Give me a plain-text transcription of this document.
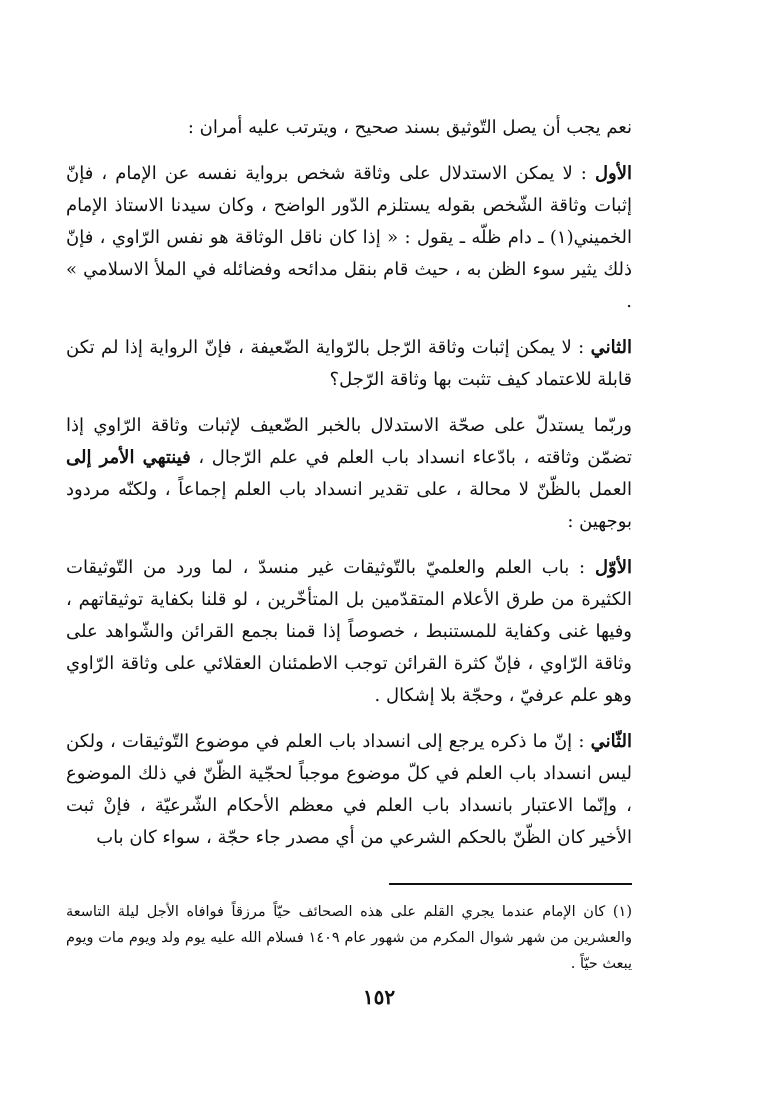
نعم يجب أن يصل التّوثيق بسند صحيح ، ويترتب عليه أمران :

الأول : لا يمكن الاستدلال على وثاقة شخص برواية نفسه عن الإمام ، فإنّ إثبات وثاقة الشّخص بقوله يستلزم الدّور الواضح ، وكان سيدنا الاستاذ الإمام الخميني(١) ـ دام ظلّه ـ يقول : « إذا كان ناقل الوثاقة هو نفس الرّاوي ، فإنّ ذلك يثير سوء الظن به ، حيث قام بنقل مدائحه وفضائله في الملأ الاسلامي » .

الثاني : لا يمكن إثبات وثاقة الرّجل بالرّواية الضّعيفة ، فإنّ الرواية إذا لم تكن قابلة للاعتماد كيف تثبت بها وثاقة الرّجل؟

وربّما يستدلّ على صحّة الاستدلال بالخبر الضّعيف لإثبات وثاقة الرّاوي إذا تضمّن وثاقته ، بادّعاء انسداد باب العلم في علم الرّجال ، فينتهي الأمر إلى العمل بالظّنّ لا محالة ، على تقدير انسداد باب العلم إجماعاً ، ولكنّه مردود بوجهين :

الأوّل : باب العلم والعلميّ بالتّوثيقات غير منسدّ ، لما ورد من التّوثيقات الكثيرة من طرق الأعلام المتقدّمين بل المتأخّرين ، لو قلنا بكفاية توثيقاتهم ، وفيها غنى وكفاية للمستنبط ، خصوصاً إذا قمنا بجمع القرائن والشّواهد على وثاقة الرّاوي ، فإنّ كثرة القرائن توجب الاطمئنان العقلائي على وثاقة الرّاوي وهو علم عرفيّ ، وحجّة بلا إشكال .

الثّاني : إنّ ما ذكره يرجع إلى انسداد باب العلم في موضوع التّوثيقات ، ولكن ليس انسداد باب العلم في كلّ موضوع موجباً لحجّية الظّنّ في ذلك الموضوع ، وإنّما الاعتبار بانسداد باب العلم في معظم الأحكام الشّرعيّة ، فإنْ ثبت الأخير كان الظّنّ بالحكم الشرعي من أي مصدر جاء حجّة ، سواء كان باب

(١) كان الإمام عندما يجري القلم على هذه الصحائف حيّاً مرزقاً فوافاه الأجل ليلة التاسعة والعشرين من شهر شوال المكرم من شهور عام ١٤٠٩ فسلام الله عليه يوم ولد ويوم مات ويوم يبعث حيّاً .
١٥٢
